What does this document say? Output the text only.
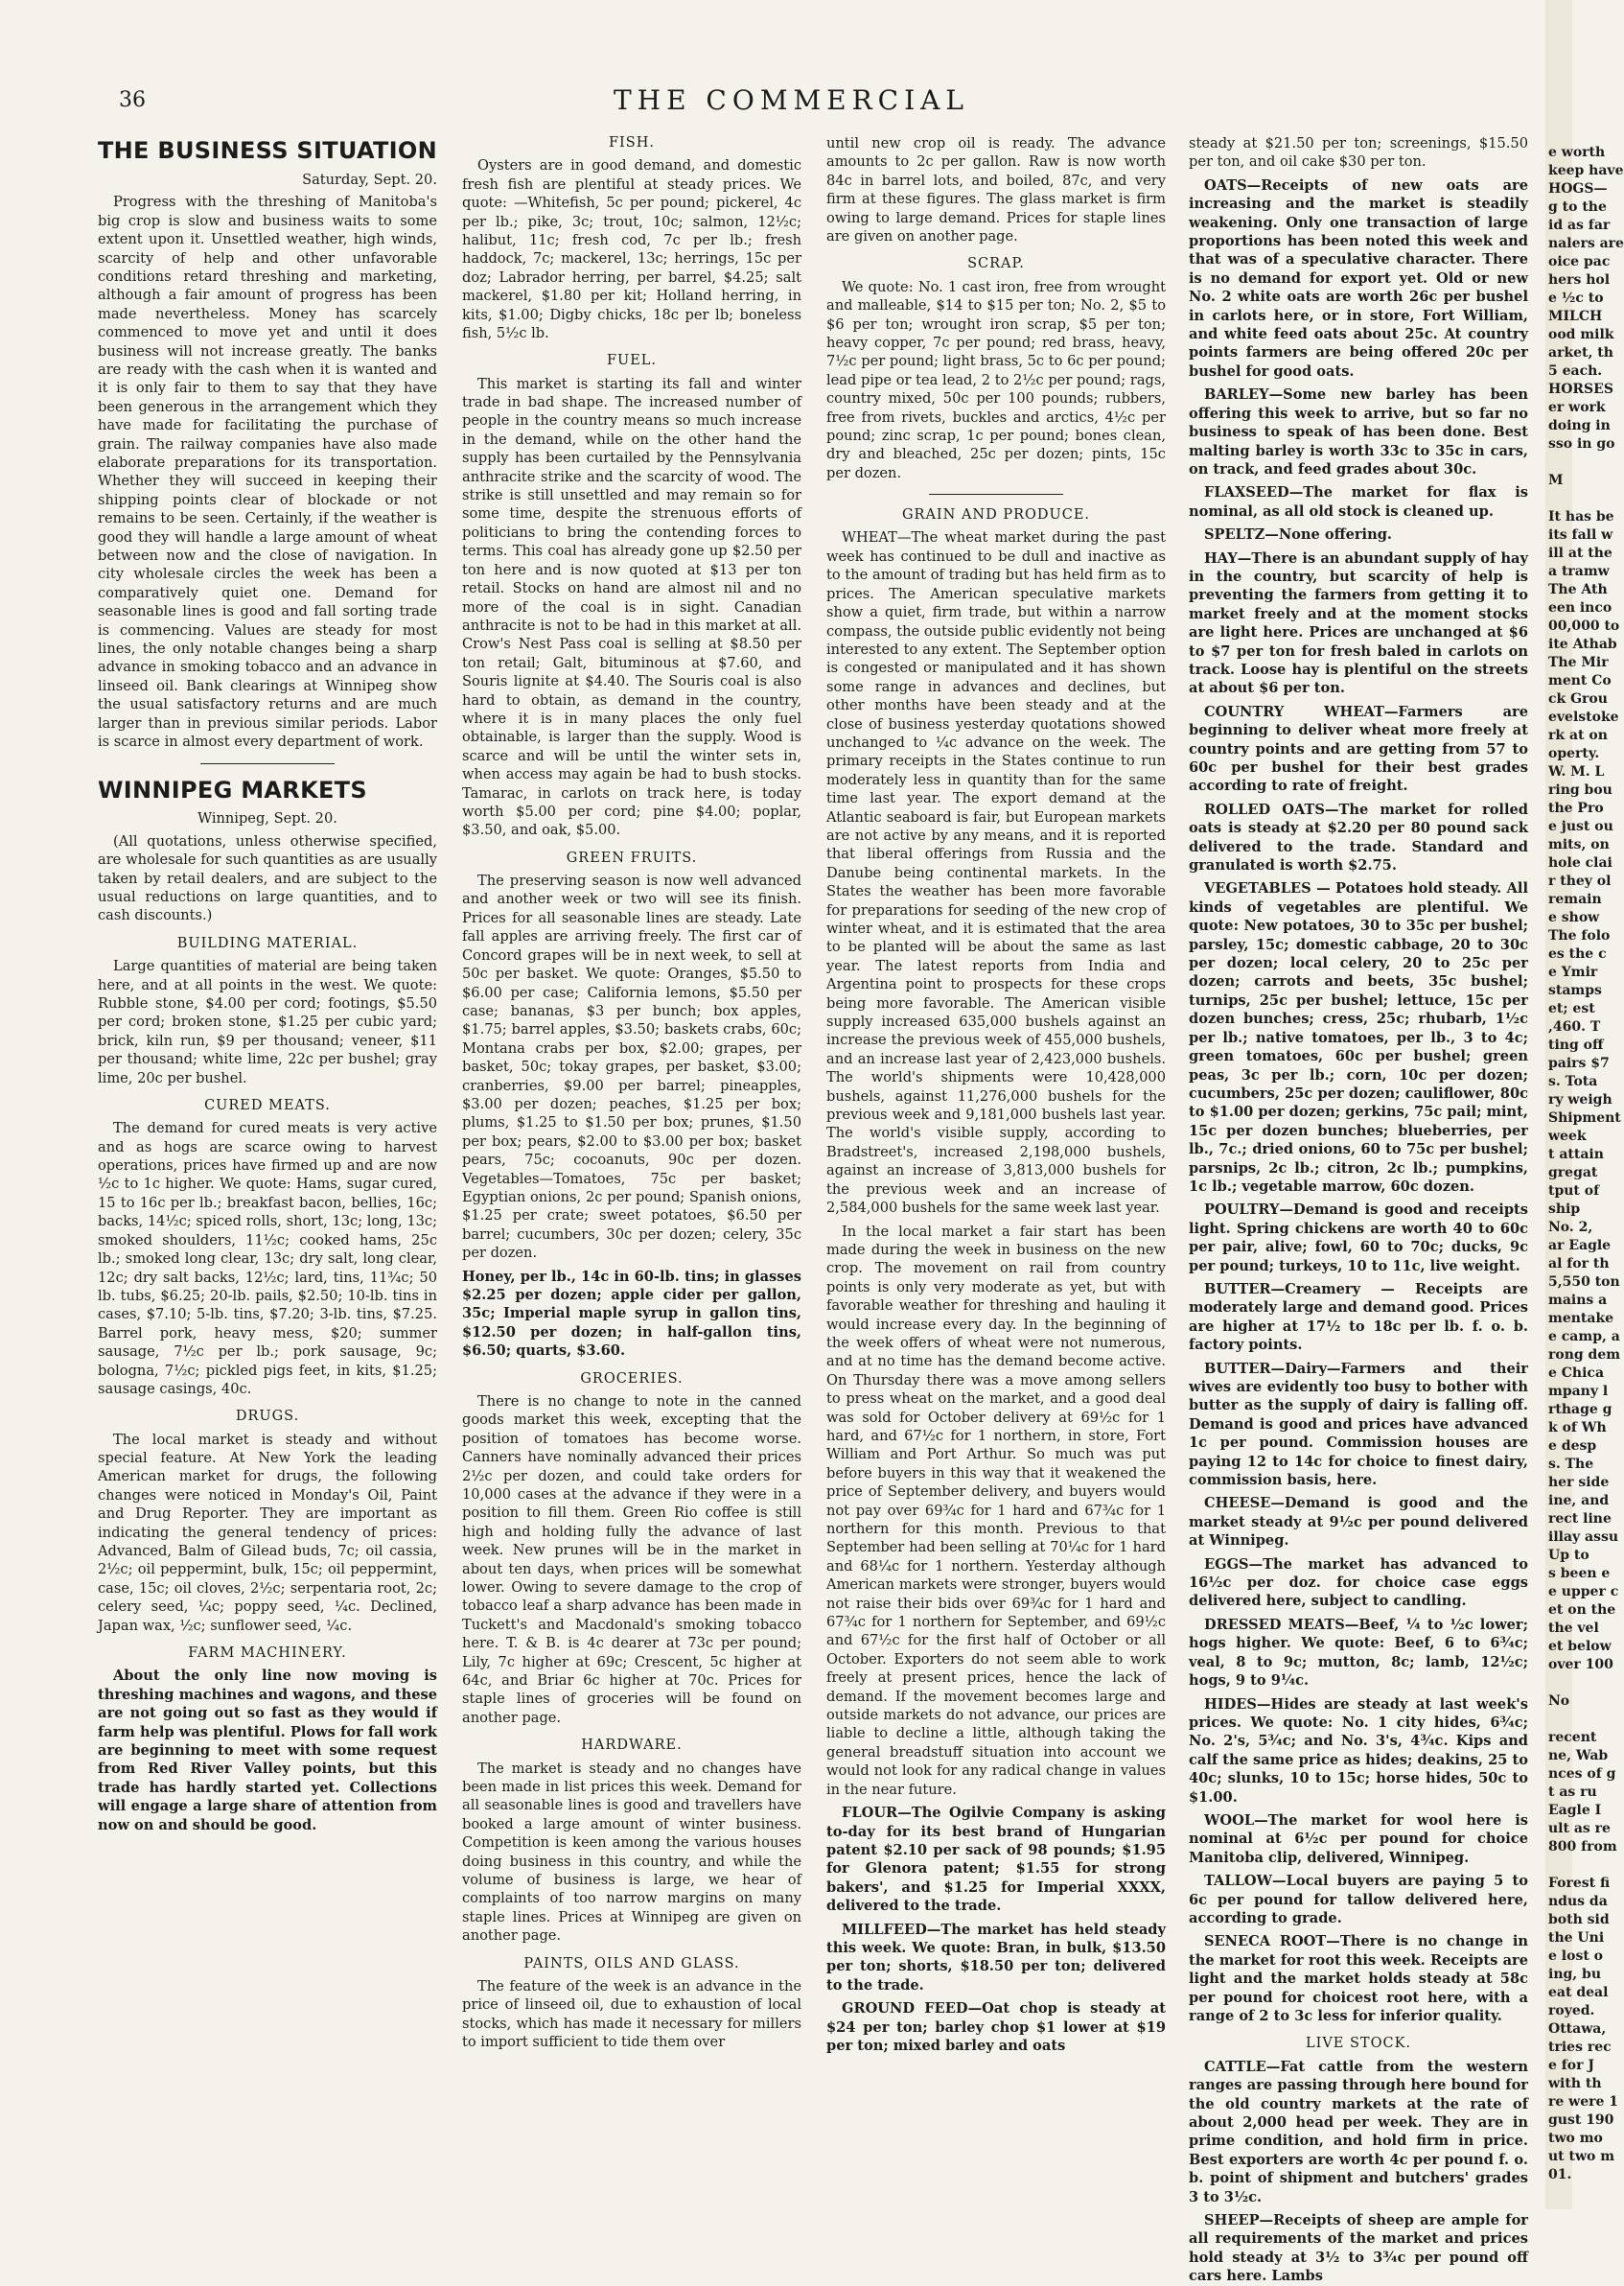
36	THE COMMERCIAL
THE BUSINESS SITUATION
Saturday, Sept. 20.

Progress with the threshing of Manitoba's big crop is slow and business waits to some extent upon it. Unsettled weather, high winds, scarcity of help and other unfavorable conditions retard threshing and marketing, although a fair amount of progress has been made nevertheless. Money has scarcely commenced to move yet and until it does business will not increase greatly. The banks are ready with the cash when it is wanted and it is only fair to them to say that they have been generous in the arrangement which they have made for facilitating the purchase of grain. The railway companies have also made elaborate preparations for its transportation. Whether they will succeed in keeping their shipping points clear of blockade or not remains to be seen. Certainly, if the weather is good they will handle a large amount of wheat between now and the close of navigation. In city wholesale circles the week has been a comparatively quiet one. Demand for seasonable lines is good and fall sorting trade is commencing. Values are steady for most lines, the only notable changes being a sharp advance in smoking tobacco and an advance in linseed oil. Bank clearings at Winnipeg show the usual satisfactory returns and are much larger than in previous similar periods. Labor is scarce in almost every department of work.

WINNIPEG MARKETS
Winnipeg, Sept. 20.

(All quotations, unless otherwise specified, are wholesale for such quantities as are usually taken by retail dealers, and are subject to the usual reductions on large quantities, and to cash discounts.)

BUILDING MATERIAL.

Large quantities of material are being taken here, and at all points in the west. We quote: Rubble stone, $4.00 per cord; footings, $5.50 per cord; broken stone, $1.25 per cubic yard; brick, kiln run, $9 per thousand; veneer, $11 per thousand; white lime, 22c per bushel; gray lime, 20c per bushel.

CURED MEATS.

The demand for cured meats is very active and as hogs are scarce owing to harvest operations, prices have firmed up and are now ½c to 1c higher. We quote: Hams, sugar cured, 15 to 16c per lb.; breakfast bacon, bellies, 16c; backs, 14½c; spiced rolls, short, 13c; long, 13c; smoked shoulders, 11½c; cooked hams, 25c lb.; smoked long clear, 13c; dry salt, long clear, 12c; dry salt backs, 12½c; lard, tins, 11¾c; 50 lb. tubs, $6.25; 20-lb. pails, $2.50; 10-lb. tins in cases, $7.10; 5-lb. tins, $7.20; 3-lb. tins, $7.25. Barrel pork, heavy mess, $20; summer sausage, 7½c per lb.; pork sausage, 9c; bologna, 7½c; pickled pigs feet, in kits, $1.25; sausage casings, 40c.

DRUGS.

The local market is steady and without special feature. At New York the leading American market for drugs, the following changes were noticed in Monday's Oil, Paint and Drug Reporter. They are important as indicating the general tendency of prices: Advanced, Balm of Gilead buds, 7c; oil cassia, 2½c; oil peppermint, bulk, 15c; oil peppermint, case, 15c; oil cloves, 2½c; serpentaria root, 2c; celery seed, ¼c; poppy seed, ¼c. Declined, Japan wax, ½c; sunflower seed, ¼c.

FARM MACHINERY.

About the only line now moving is threshing machines and wagons, and these are not going out so fast as they would if farm help was plentiful. Plows for fall work are beginning to meet with some request from Red River Valley points, but this trade has hardly started yet. Collections will engage a large share of attention from now on and should be good.

FISH.

Oysters are in good demand, and domestic fresh fish are plentiful at steady prices. We quote: —Whitefish, 5c per pound; pickerel, 4c per lb.; pike, 3c; trout, 10c; salmon, 12½c; halibut, 11c; fresh cod, 7c per lb.; fresh haddock, 7c; mackerel, 13c; herrings, 15c per doz; Labrador herring, per barrel, $4.25; salt mackerel, $1.80 per kit; Holland herring, in kits, $1.00; Digby chicks, 18c per lb; boneless fish, 5½c lb.

FUEL.

This market is starting its fall and winter trade in bad shape. The increased number of people in the country means so much increase in the demand, while on the other hand the supply has been curtailed by the Pennsylvania anthracite strike and the scarcity of wood. The strike is still unsettled and may remain so for some time, despite the strenuous efforts of politicians to bring the contending forces to terms. This coal has already gone up $2.50 per ton here and is now quoted at $13 per ton retail. Stocks on hand are almost nil and no more of the coal is in sight. Canadian anthracite is not to be had in this market at all. Crow's Nest Pass coal is selling at $8.50 per ton retail; Galt, bituminous at $7.60, and Souris lignite at $4.40. The Souris coal is also hard to obtain, as demand in the country, where it is in many places the only fuel obtainable, is larger than the supply. Wood is scarce and will be until the winter sets in, when access may again be had to bush stocks. Tamarac, in carlots on track here, is today worth $5.00 per cord; pine $4.00; poplar, $3.50, and oak, $5.00.

GREEN FRUITS.

The preserving season is now well advanced and another week or two will see its finish. Prices for all seasonable lines are steady. Late fall apples are arriving freely. The first car of Concord grapes will be in next week, to sell at 50c per basket. We quote: Oranges, $5.50 to $6.00 per case; California lemons, $5.50 per case; bananas, $3 per bunch; box apples, $1.75; barrel apples, $3.50; baskets crabs, 60c; Montana crabs per box, $2.00; grapes, per basket, 50c; tokay grapes, per basket, $3.00; cranberries, $9.00 per barrel; pineapples, $3.00 per dozen; peaches, $1.25 per box; plums, $1.25 to $1.50 per box; prunes, $1.50 per box; pears, $2.00 to $3.00 per box; basket pears, 75c; cocoanuts, 90c per dozen. Vegetables—Tomatoes, 75c per basket; Egyptian onions, 2c per pound; Spanish onions, $1.25 per crate; sweet potatoes, $6.50 per barrel; cucumbers, 30c per dozen; celery, 35c per dozen.

Honey, per lb., 14c in 60-lb. tins; in glasses $2.25 per dozen; apple cider per gallon, 35c; Imperial maple syrup in gallon tins, $12.50 per dozen; in half-gallon tins, $6.50; quarts, $3.60.

GROCERIES.

There is no change to note in the canned goods market this week, excepting that the position of tomatoes has become worse. Canners have nominally advanced their prices 2½c per dozen, and could take orders for 10,000 cases at the advance if they were in a position to fill them. Green Rio coffee is still high and holding fully the advance of last week. New prunes will be in the market in about ten days, when prices will be somewhat lower. Owing to severe damage to the crop of tobacco leaf a sharp advance has been made in Tuckett's and Macdonald's smoking tobacco here. T. & B. is 4c dearer at 73c per pound; Lily, 7c higher at 69c; Crescent, 5c higher at 64c, and Briar 6c higher at 70c. Prices for staple lines of groceries will be found on another page.

HARDWARE.

The market is steady and no changes have been made in list prices this week. Demand for all seasonable lines is good and travellers have booked a large amount of winter business. Competition is keen among the various houses doing business in this country, and while the volume of business is large, we hear of complaints of too narrow margins on many staple lines. Prices at Winnipeg are given on another page.

PAINTS, OILS AND GLASS.

The feature of the week is an advance in the price of linseed oil, due to exhaustion of local stocks, which has made it necessary for millers to import sufficient to tide them over

until new crop oil is ready. The advance amounts to 2c per gallon. Raw is now worth 84c in barrel lots, and boiled, 87c, and very firm at these figures. The glass market is firm owing to large demand. Prices for staple lines are given on another page.

SCRAP.

We quote: No. 1 cast iron, free from wrought and malleable, $14 to $15 per ton; No. 2, $5 to $6 per ton; wrought iron scrap, $5 per ton; heavy copper, 7c per pound; red brass, heavy, 7½c per pound; light brass, 5c to 6c per pound; lead pipe or tea lead, 2 to 2½c per pound; rags, country mixed, 50c per 100 pounds; rubbers, free from rivets, buckles and arctics, 4½c per pound; zinc scrap, 1c per pound; bones clean, dry and bleached, 25c per dozen; pints, 15c per dozen.

GRAIN AND PRODUCE.

WHEAT—The wheat market during the past week has continued to be dull and inactive as to the amount of trading but has held firm as to prices. The American speculative markets show a quiet, firm trade, but within a narrow compass, the outside public evidently not being interested to any extent. The September option is congested or manipulated and it has shown some range in advances and declines, but other months have been steady and at the close of business yesterday quotations showed unchanged to ¼c advance on the week. The primary receipts in the States continue to run moderately less in quantity than for the same time last year. The export demand at the Atlantic seaboard is fair, but European markets are not active by any means, and it is reported that liberal offerings from Russia and the Danube being continental markets. In the States the weather has been more favorable for preparations for seeding of the new crop of winter wheat, and it is estimated that the area to be planted will be about the same as last year. The latest reports from India and Argentina point to prospects for these crops being more favorable. The American visible supply increased 635,000 bushels against an increase the previous week of 455,000 bushels, and an increase last year of 2,423,000 bushels. The world's shipments were 10,428,000 bushels, against 11,276,000 bushels for the previous week and 9,181,000 bushels last year. The world's visible supply, according to Bradstreet's, increased 2,198,000 bushels, against an increase of 3,813,000 bushels for the previous week and an increase of 2,584,000 bushels for the same week last year.

In the local market a fair start has been made during the week in business on the new crop. The movement on rail from country points is only very moderate as yet, but with favorable weather for threshing and hauling it would increase every day. In the beginning of the week offers of wheat were not numerous, and at no time has the demand become active. On Thursday there was a move among sellers to press wheat on the market, and a good deal was sold for October delivery at 69½c for 1 hard, and 67½c for 1 northern, in store, Fort William and Port Arthur. So much was put before buyers in this way that it weakened the price of September delivery, and buyers would not pay over 69¾c for 1 hard and 67¾c for 1 northern for this month. Previous to that September had been selling at 70¼c for 1 hard and 68¼c for 1 northern. Yesterday although American markets were stronger, buyers would not raise their bids over 69¾c for 1 hard and 67¾c for 1 northern for September, and 69½c and 67½c for the first half of October or all October. Exporters do not seem able to work freely at present prices, hence the lack of demand. If the movement becomes large and outside markets do not advance, our prices are liable to decline a little, although taking the general breadstuff situation into account we would not look for any radical change in values in the near future.

FLOUR—The Ogilvie Company is asking to-day for its best brand of Hungarian patent $2.10 per sack of 98 pounds; $1.95 for Glenora patent; $1.55 for strong bakers', and $1.25 for Imperial XXXX, delivered to the trade.

MILLFEED—The market has held steady this week. We quote: Bran, in bulk, $13.50 per ton; shorts, $18.50 per ton; delivered to the trade.

GROUND FEED—Oat chop is steady at $24 per ton; barley chop $1 lower at $19 per ton; mixed barley and oats

steady at $21.50 per ton; screenings, $15.50 per ton, and oil cake $30 per ton.

OATS—Receipts of new oats are increasing and the market is steadily weakening. Only one transaction of large proportions has been noted this week and that was of a speculative character. There is no demand for export yet. Old or new No. 2 white oats are worth 26c per bushel in carlots here, or in store, Fort William, and white feed oats about 25c. At country points farmers are being offered 20c per bushel for good oats.

BARLEY—Some new barley has been offering this week to arrive, but so far no business to speak of has been done. Best malting barley is worth 33c to 35c in cars, on track, and feed grades about 30c.

FLAXSEED—The market for flax is nominal, as all old stock is cleaned up.

SPELTZ—None offering.

HAY—There is an abundant supply of hay in the country, but scarcity of help is preventing the farmers from getting it to market freely and at the moment stocks are light here. Prices are unchanged at $6 to $7 per ton for fresh baled in carlots on track. Loose hay is plentiful on the streets at about $6 per ton.

COUNTRY WHEAT—Farmers are beginning to deliver wheat more freely at country points and are getting from 57 to 60c per bushel for their best grades according to rate of freight.

ROLLED OATS—The market for rolled oats is steady at $2.20 per 80 pound sack delivered to the trade. Standard and granulated is worth $2.75.

VEGETABLES — Potatoes hold steady. All kinds of vegetables are plentiful. We quote: New potatoes, 30 to 35c per bushel; parsley, 15c; domestic cabbage, 20 to 30c per dozen; local celery, 20 to 25c per dozen; carrots and beets, 35c bushel; turnips, 25c per bushel; lettuce, 15c per dozen bunches; cress, 25c; rhubarb, 1½c per lb.; native tomatoes, per lb., 3 to 4c; green tomatoes, 60c per bushel; green peas, 3c per lb.; corn, 10c per dozen; cucumbers, 25c per dozen; cauliflower, 80c to $1.00 per dozen; gerkins, 75c pail; mint, 15c per dozen bunches; blueberries, per lb., 7c.; dried onions, 60 to 75c per bushel; parsnips, 2c lb.; citron, 2c lb.; pumpkins, 1c lb.; vegetable marrow, 60c dozen.

POULTRY—Demand is good and receipts light. Spring chickens are worth 40 to 60c per pair, alive; fowl, 60 to 70c; ducks, 9c per pound; turkeys, 10 to 11c, live weight.

BUTTER—Creamery — Receipts are moderately large and demand good. Prices are higher at 17½ to 18c per lb. f. o. b. factory points.

BUTTER—Dairy—Farmers and their wives are evidently too busy to bother with butter as the supply of dairy is falling off. Demand is good and prices have advanced 1c per pound. Commission houses are paying 12 to 14c for choice to finest dairy, commission basis, here.

CHEESE—Demand is good and the market steady at 9½c per pound delivered at Winnipeg.

EGGS—The market has advanced to 16½c per doz. for choice case eggs delivered here, subject to candling.

DRESSED MEATS—Beef, ¼ to ½c lower; hogs higher. We quote: Beef, 6 to 6¾c; veal, 8 to 9c; mutton, 8c; lamb, 12½c; hogs, 9 to 9¼c.

HIDES—Hides are steady at last week's prices. We quote: No. 1 city hides, 6¾c; No. 2's, 5¾c; and No. 3's, 4¾c. Kips and calf the same price as hides; deakins, 25 to 40c; slunks, 10 to 15c; horse hides, 50c to $1.00.

WOOL—The market for wool here is nominal at 6½c per pound for choice Manitoba clip, delivered, Winnipeg.

TALLOW—Local buyers are paying 5 to 6c per pound for tallow delivered here, according to grade.

SENECA ROOT—There is no change in the market for root this week. Receipts are light and the market holds steady at 58c per pound for choicest root here, with a range of 2 to 3c less for inferior quality.

LIVE STOCK.

CATTLE—Fat cattle from the western ranges are passing through here bound for the old country markets at the rate of about 2,000 head per week. They are in prime condition, and hold firm in price. Best exporters are worth 4c per pound f. o. b. point of shipment and butchers' grades 3 to 3½c.

SHEEP—Receipts of sheep are ample for all requirements of the market and prices hold steady at 3½ to 3¾c per pound off cars here. Lambs

e worth
keep have
HOGS—
g to the
id as far
nalers are
oice pac
hers hol
e ½c to
MILCH
ood milk
arket, th
5 each.
HORSES
er work
doing in
sso in go
M
It has be
its fall w
ill at the
a tramw
The Ath
een inco
00,000 to
ite Athab
The Mir
ment Co
ck Grou
evelstoke
rk at on
operty.
W. M. L
ring bou
the Pro
e just ou
mits, on
hole clai
r they ol
remain
e show
The folo
es the c
e Ymir
stamps
et; est
,460. T
ting off
pairs $7
s. Tota
ry weigh
Shipment
week
t attain
gregat
tput of
ship
No. 2,
ar Eagle
al for th
5,550 ton
mains a
mentake
e camp, a
rong dem
e Chica
mpany l
rthage g
k of Wh
e desp
s. The
her side
ine, and
rect line
illay assu
Up to
s been e
e upper c
et on the
the vel
et below
over 100
No
recent
ne, Wab
nces of g
t as ru
Eagle I
ult as re
800 from
Forest fi
ndus da
both sid
the Uni
e lost o
ing, bu
eat deal
royed.
Ottawa,
tries rec
e for J
with th
re were 1
gust 190
two mo
ut two m
01.
